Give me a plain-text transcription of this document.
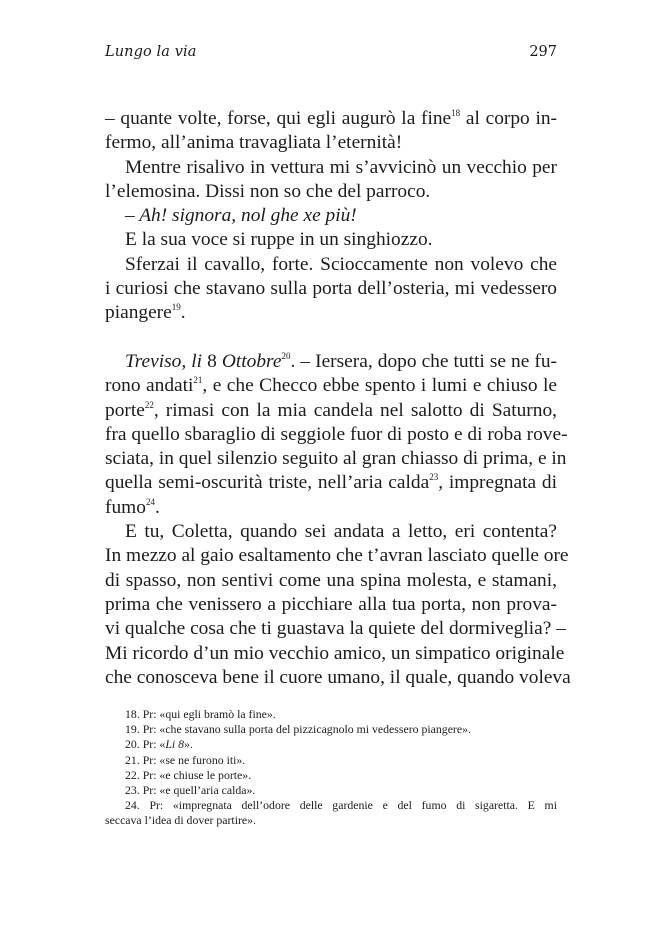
Lungo la via	297
– quante volte, forse, qui egli augurò la fine$^{18}$ al corpo in-
fermo, all’anima travagliata l’eternità!
Mentre risalivo in vettura mi s’avvicinò un vecchio per
l’elemosina. Dissi non so che del parroco.
– Ah! signora, nol ghe xe più!
E la sua voce si ruppe in un singhiozzo.
Sferzai il cavallo, forte. Scioccamente non volevo che
i curiosi che stavano sulla porta dell’osteria, mi vedessero
piangere$^{19}$.
Treviso, li 8 Ottobre$^{20}$. – Iersera, dopo che tutti se ne fu-
rono andati$^{21}$, e che Checco ebbe spento i lumi e chiuso le
porte$^{22}$, rimasi con la mia candela nel salotto di Saturno,
fra quello sbaraglio di seggiole fuor di posto e di roba rove-
sciata, in quel silenzio seguito al gran chiasso di prima, e in
quella semi-oscurità triste, nell’aria calda$^{23}$, impregnata di
fumo$^{24}$.
E tu, Coletta, quando sei andata a letto, eri contenta?
In mezzo al gaio esaltamento che t’avran lasciato quelle ore
di spasso, non sentivi come una spina molesta, e stamani,
prima che venissero a picchiare alla tua porta, non prova-
vi qualche cosa che ti guastava la quiete del dormiveglia? –
Mi ricordo d’un mio vecchio amico, un simpatico originale
che conosceva bene il cuore umano, il quale, quando voleva
18. Pr: «qui egli bramò la fine».
19. Pr: «che stavano sulla porta del pizzicagnolo mi vedessero piangere».
20. Pr: «Li 8».
21. Pr: «se ne furono iti».
22. Pr: «e chiuse le porte».
23. Pr: «e quell’aria calda».
24. Pr: «impregnata dell’odore delle gardenie e del fumo di sigaretta. E mi
seccava l’idea di dover partire».
